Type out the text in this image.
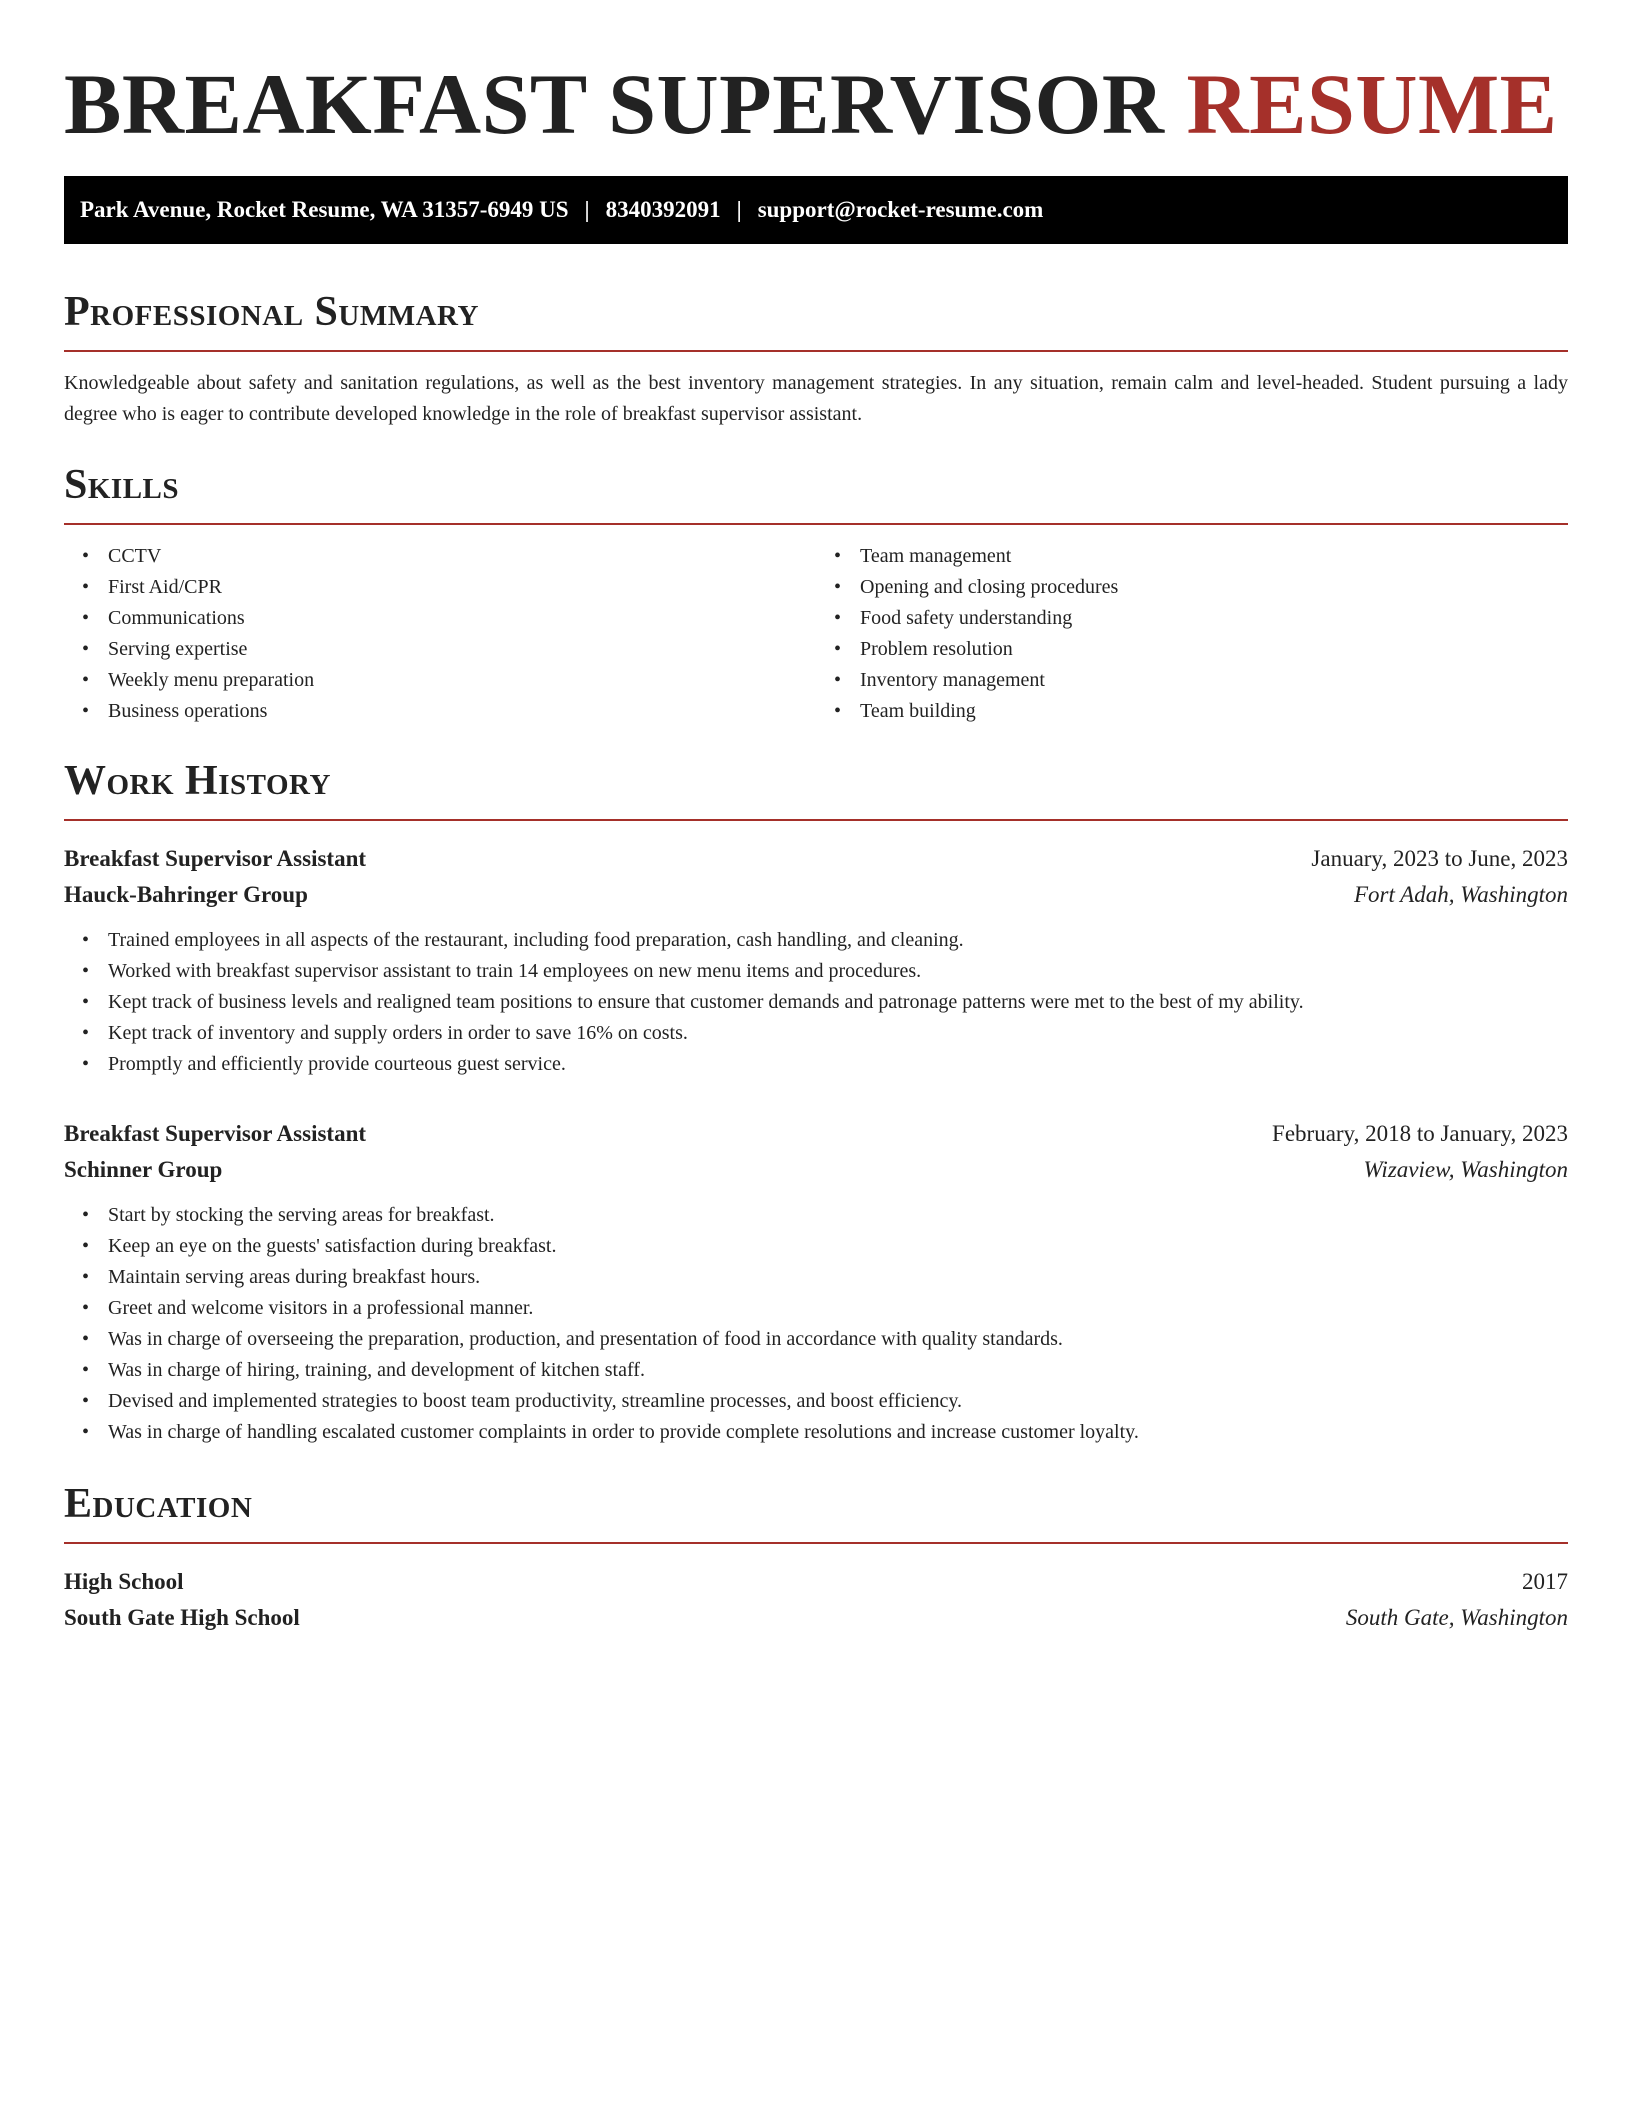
BREAKFAST SUPERVISOR RESUME
Park Avenue, Rocket Resume, WA 31357-6949 US | 8340392091 | support@rocket-resume.com
Professional Summary

Knowledgeable about safety and sanitation regulations, as well as the best inventory management strategies. In any situation, remain calm and level-headed. Student pursuing a lady degree who is eager to contribute developed knowledge in the role of breakfast supervisor assistant.

Skills
• CCTV
• First Aid/CPR
• Communications
• Serving expertise
• Weekly menu preparation
• Business operations
• Team management
• Opening and closing procedures
• Food safety understanding
• Problem resolution
• Inventory management
• Team building
Work History
Breakfast Supervisor Assistant	January, 2023 to June, 2023
Hauck-Bahringer Group	Fort Adah, Washington
• Trained employees in all aspects of the restaurant, including food preparation, cash handling, and cleaning.
• Worked with breakfast supervisor assistant to train 14 employees on new menu items and procedures.
• Kept track of business levels and realigned team positions to ensure that customer demands and patronage patterns were met to the best of my ability.
• Kept track of inventory and supply orders in order to save 16% on costs.
• Promptly and efficiently provide courteous guest service.
Breakfast Supervisor Assistant	February, 2018 to January, 2023
Schinner Group	Wizaview, Washington
• Start by stocking the serving areas for breakfast.
• Keep an eye on the guests' satisfaction during breakfast.
• Maintain serving areas during breakfast hours.
• Greet and welcome visitors in a professional manner.
• Was in charge of overseeing the preparation, production, and presentation of food in accordance with quality standards.
• Was in charge of hiring, training, and development of kitchen staff.
• Devised and implemented strategies to boost team productivity, streamline processes, and boost efficiency.
• Was in charge of handling escalated customer complaints in order to provide complete resolutions and increase customer loyalty.
Education
High School	2017
South Gate High School	South Gate, Washington
